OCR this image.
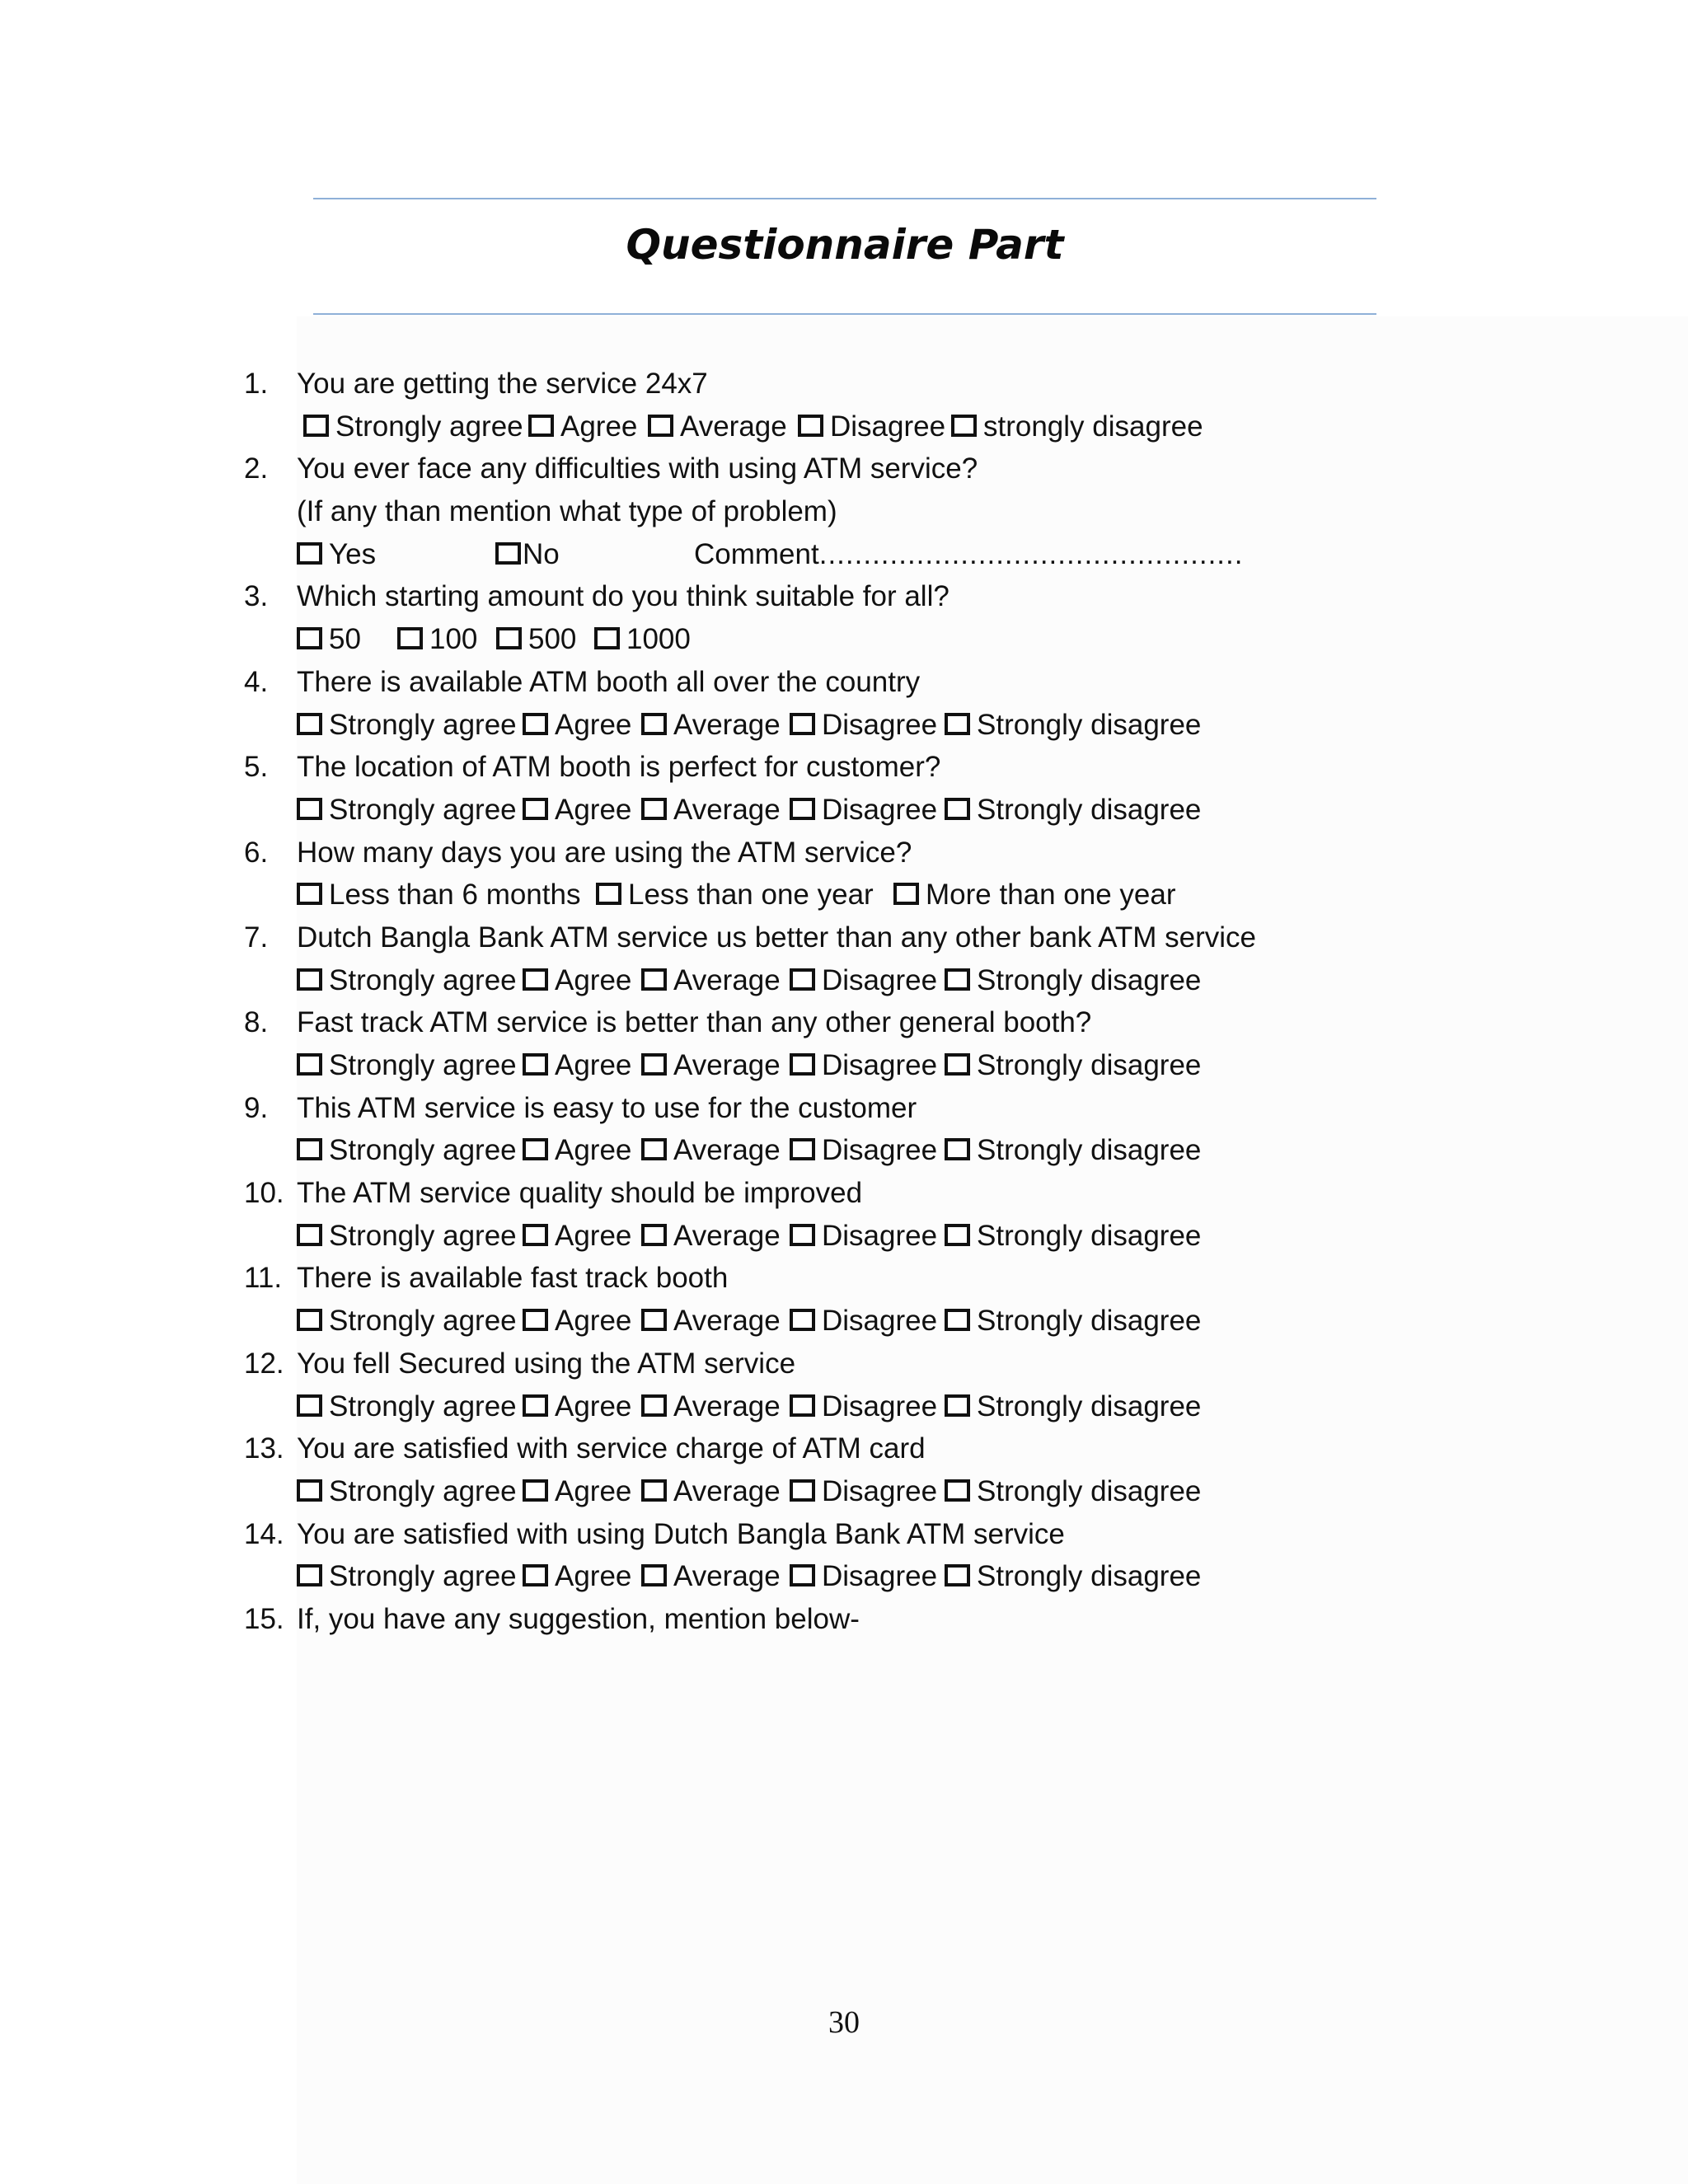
Questionnaire Part
1. You are getting the service 24x7
Strongly agree	Agree	Average	Disagree	strongly disagree
2. You ever face any difficulties with using ATM service?
(If any than mention what type of problem)
Yes	No	Comment................................................
3. Which starting amount do you think suitable for all?
50	100	500	1000
4. There is available ATM booth all over the country
Strongly agree	Agree	Average	Disagree	Strongly disagree
5. The location of ATM booth is perfect for customer?
Strongly agree	Agree	Average	Disagree	Strongly disagree
6. How many days you are using the ATM service?
Less than 6 months	Less than one year	More than one year
7. Dutch Bangla Bank ATM service us better than any other bank ATM service
Strongly agree	Agree	Average	Disagree	Strongly disagree
8. Fast track ATM service is better than any other general booth?
Strongly agree	Agree	Average	Disagree	Strongly disagree
9. This ATM service is easy to use for the customer
Strongly agree	Agree	Average	Disagree	Strongly disagree
10. The ATM service quality should be improved
Strongly agree	Agree	Average	Disagree	Strongly disagree
11. There is available fast track booth
Strongly agree	Agree	Average	Disagree	Strongly disagree
12. You fell Secured using the ATM service
Strongly agree	Agree	Average	Disagree	Strongly disagree
13. You are satisfied with service charge of ATM card
Strongly agree	Agree	Average	Disagree	Strongly disagree
14. You are satisfied with using Dutch Bangla Bank ATM service
Strongly agree	Agree	Average	Disagree	Strongly disagree
15. If, you have any suggestion, mention below-
30
